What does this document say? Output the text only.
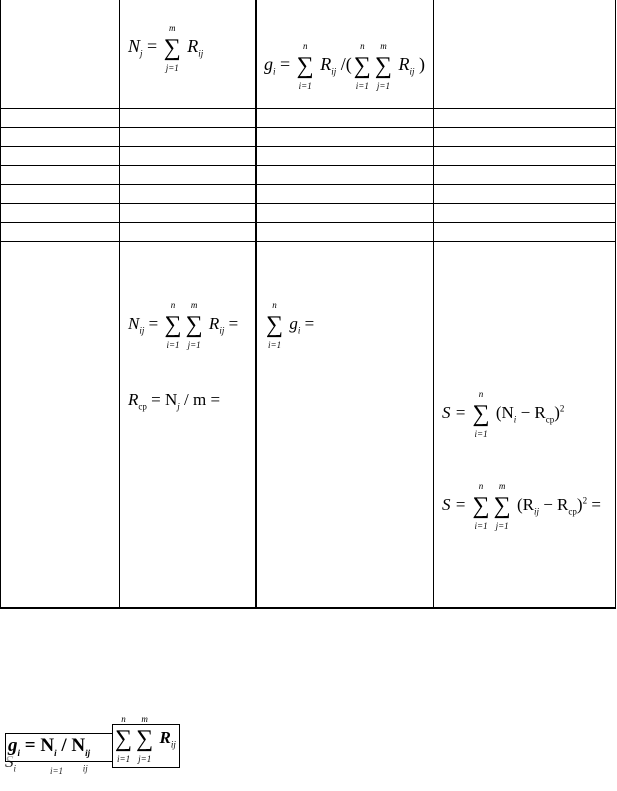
$N_j$ = ∑
m
j=1
$R_{ij}$
$g_i$ = ∑
n
i=1
$R_{ij}$ /(∑
n
i=1
∑
m
j=1
$R_{ij}$ )
$N_{ij}$ = ∑
n
i=1
∑
m
j=1
$R_{ij}$ =
$R_{ср} = N_j / m$ =
∑
n
i=1
$g_i$ =
S = ∑
n
i=1
$(N_i - R_{ср})^2$
S = ∑
n
i=1
∑
m
j=1
$(R_{ij} - R_{ср})^2$ =
$_i$	i=1 $_{ij}$
∑
n
i=1
∑
m
j=1
$R_{ij}$
$g_i = N_i / N_{ij}$
